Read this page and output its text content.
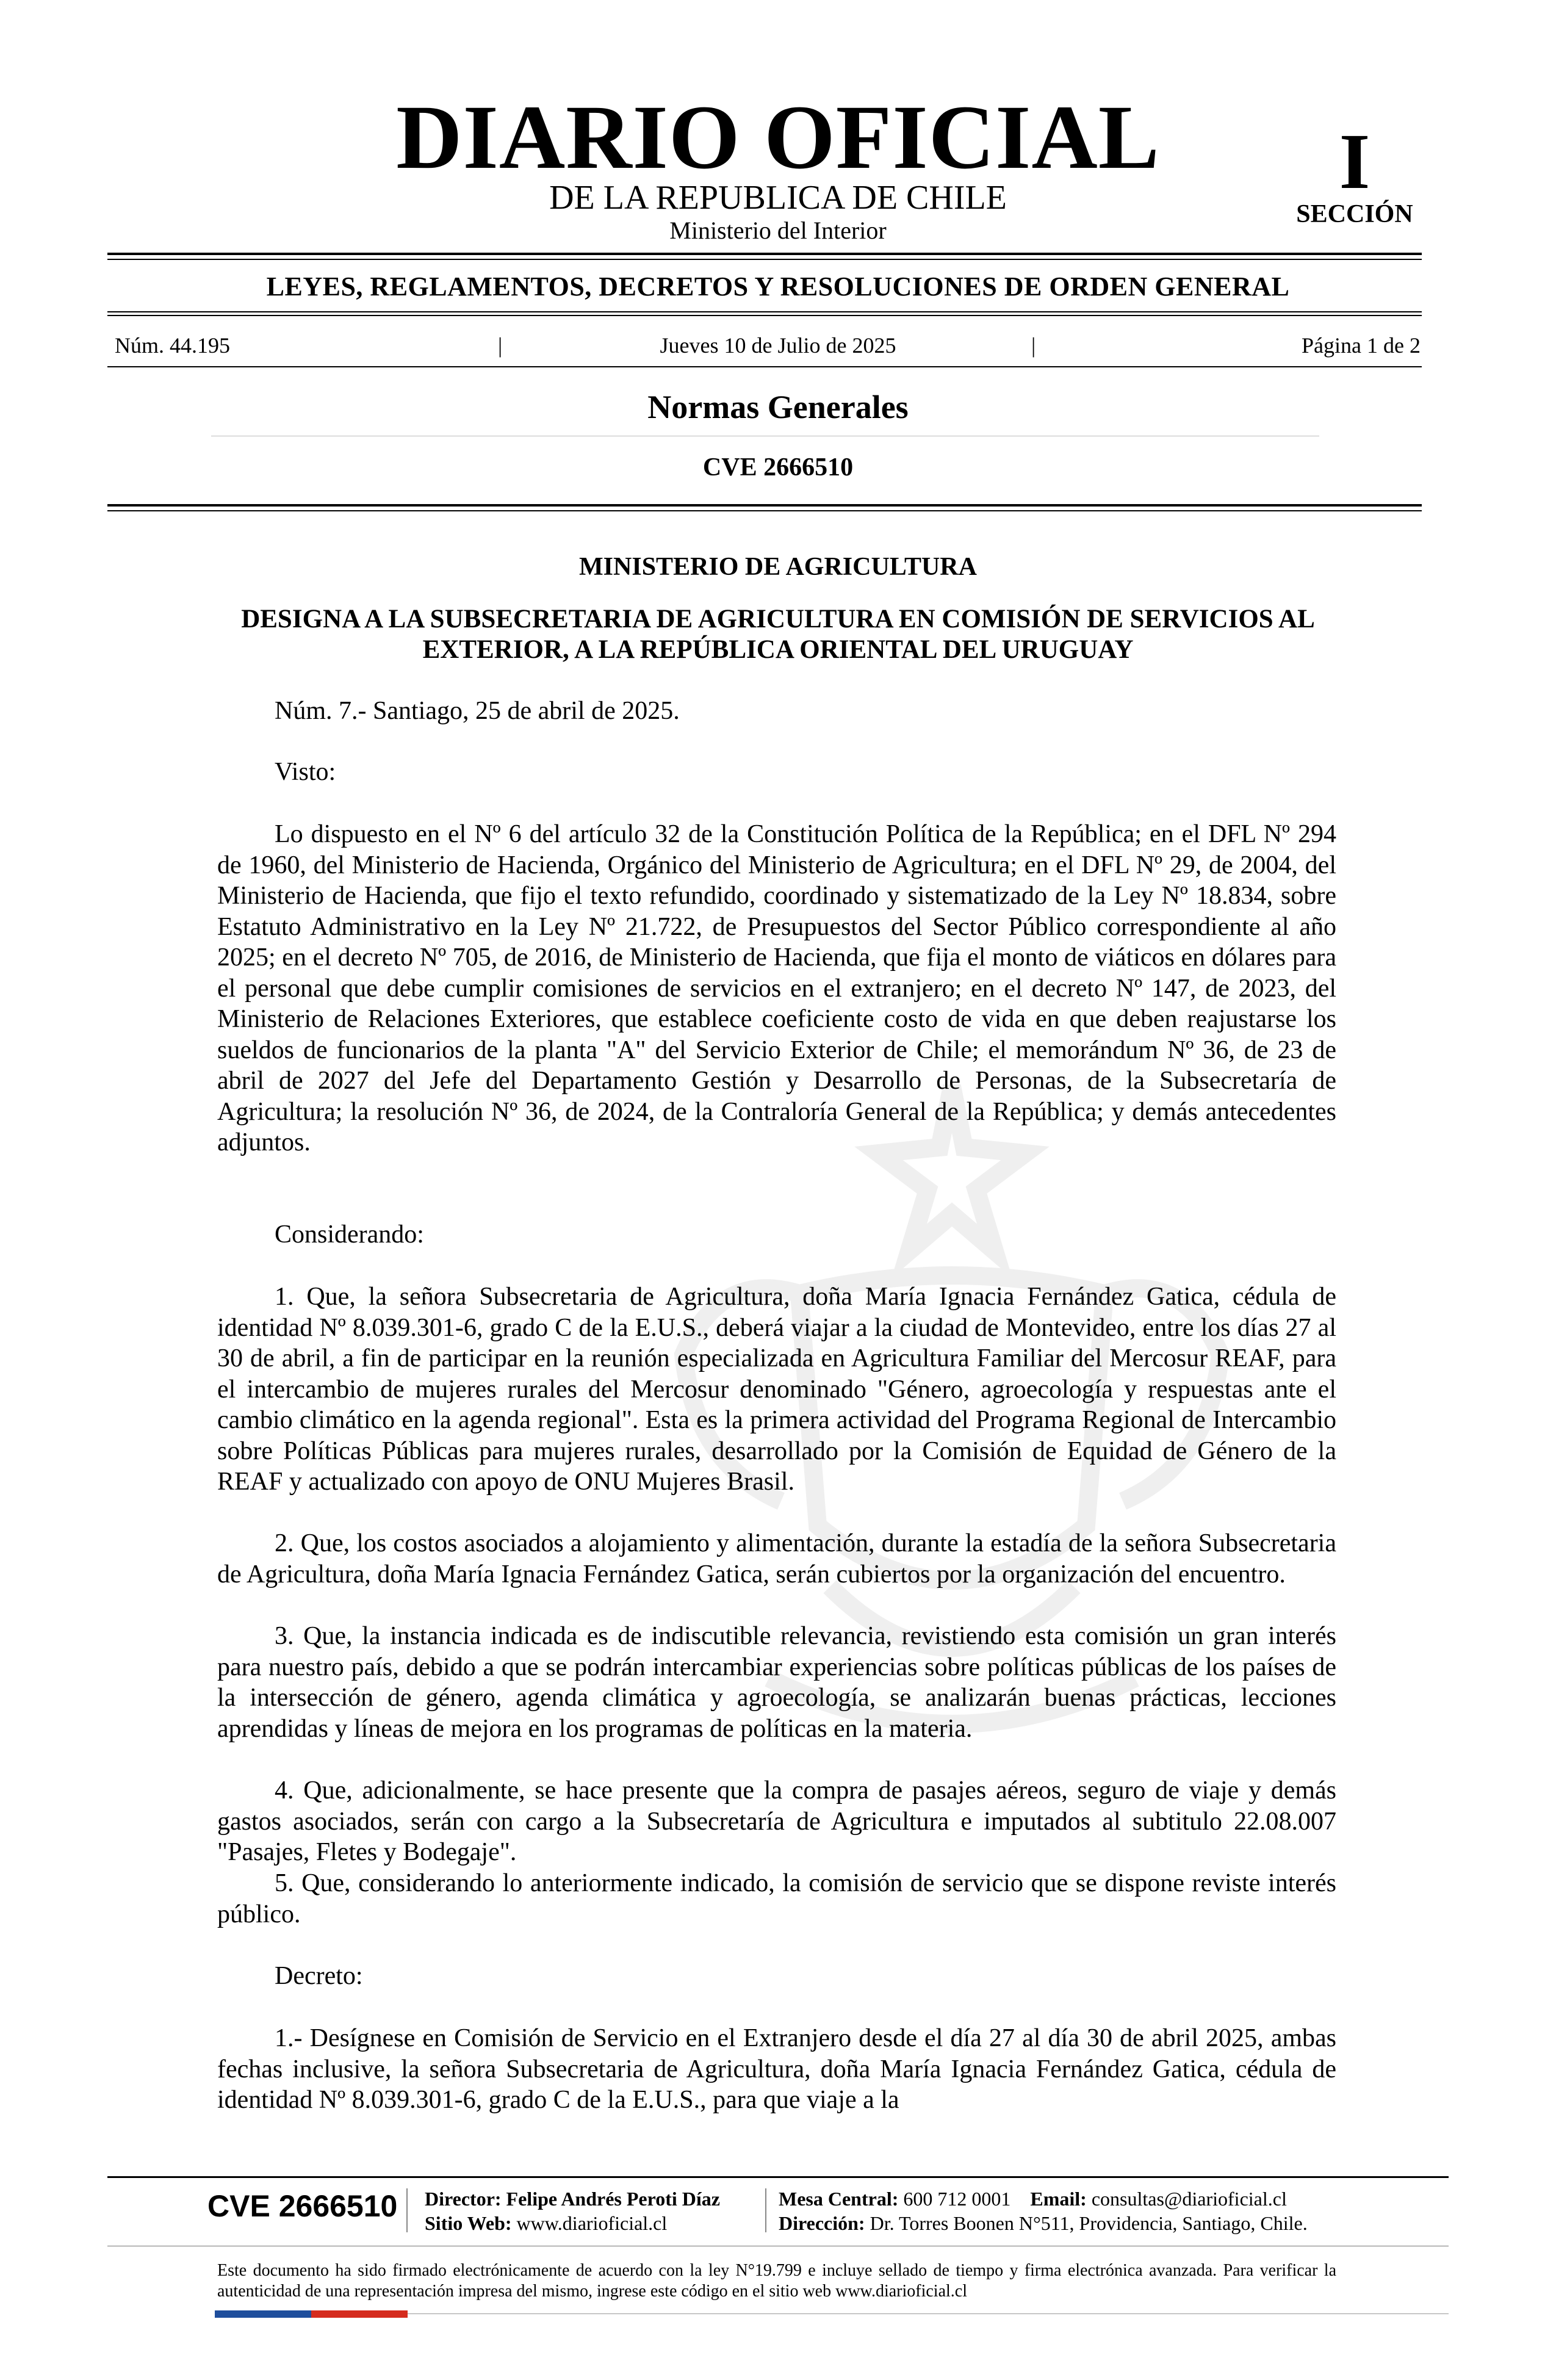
DIARIO OFICIAL
DE LA REPUBLICA DE CHILE
Ministerio del Interior
I
SECCIÓN
LEYES, REGLAMENTOS, DECRETOS Y RESOLUCIONES DE ORDEN GENERAL
Núm. 44.195	|	Jueves 10 de Julio de 2025	|	Página 1 de 2
Normas Generales
CVE 2666510
MINISTERIO DE AGRICULTURA
DESIGNA A LA SUBSECRETARIA DE AGRICULTURA EN COMISIÓN DE SERVICIOS AL EXTERIOR, A LA REPÚBLICA ORIENTAL DEL URUGUAY
Núm. 7.- Santiago, 25 de abril de 2025.
Visto:
Lo dispuesto en el Nº 6 del artículo 32 de la Constitución Política de la República; en el DFL Nº 294 de 1960, del Ministerio de Hacienda, Orgánico del Ministerio de Agricultura; en el DFL Nº 29, de 2004, del Ministerio de Hacienda, que fijo el texto refundido, coordinado y sistematizado de la Ley Nº 18.834, sobre Estatuto Administrativo en la Ley Nº 21.722, de Presupuestos del Sector Público correspondiente al año 2025; en el decreto Nº 705, de 2016, de Ministerio de Hacienda, que fija el monto de viáticos en dólares para el personal que debe cumplir comisiones de servicios en el extranjero; en el decreto Nº 147, de 2023, del Ministerio de Relaciones Exteriores, que establece coeficiente costo de vida en que deben reajustarse los sueldos de funcionarios de la planta "A" del Servicio Exterior de Chile; el memorándum Nº 36, de 23 de abril de 2027 del Jefe del Departamento Gestión y Desarrollo de Personas, de la Subsecretaría de Agricultura; la resolución Nº 36, de 2024, de la Contraloría General de la República; y demás antecedentes adjuntos.
Considerando:
1. Que, la señora Subsecretaria de Agricultura, doña María Ignacia Fernández Gatica, cédula de identidad Nº 8.039.301-6, grado C de la E.U.S., deberá viajar a la ciudad de Montevideo, entre los días 27 al 30 de abril, a fin de participar en la reunión especializada en Agricultura Familiar del Mercosur REAF, para el intercambio de mujeres rurales del Mercosur denominado "Género, agroecología y respuestas ante el cambio climático en la agenda regional". Esta es la primera actividad del Programa Regional de Intercambio sobre Políticas Públicas para mujeres rurales, desarrollado por la Comisión de Equidad de Género de la REAF y actualizado con apoyo de ONU Mujeres Brasil.
2. Que, los costos asociados a alojamiento y alimentación, durante la estadía de la señora Subsecretaria de Agricultura, doña María Ignacia Fernández Gatica, serán cubiertos por la organización del encuentro.
3. Que, la instancia indicada es de indiscutible relevancia, revistiendo esta comisión un gran interés para nuestro país, debido a que se podrán intercambiar experiencias sobre políticas públicas de los países de la intersección de género, agenda climática y agroecología, se analizarán buenas prácticas, lecciones aprendidas y líneas de mejora en los programas de políticas en la materia.
4. Que, adicionalmente, se hace presente que la compra de pasajes aéreos, seguro de viaje y demás gastos asociados, serán con cargo a la Subsecretaría de Agricultura e imputados al subtitulo 22.08.007 "Pasajes, Fletes y Bodegaje".
5. Que, considerando lo anteriormente indicado, la comisión de servicio que se dispone reviste interés público.
Decreto:
1.- Desígnese en Comisión de Servicio en el Extranjero desde el día 27 al día 30 de abril 2025, ambas fechas inclusive, la señora Subsecretaria de Agricultura, doña María Ignacia Fernández Gatica, cédula de identidad Nº 8.039.301-6, grado C de la E.U.S., para que viaje a la
CVE 2666510 Director: Felipe Andrés Peroti Díaz
Sitio Web: www.diarioficial.cl
Mesa Central: 600 712 0001 Email: consultas@diarioficial.cl
Dirección: Dr. Torres Boonen N°511, Providencia, Santiago, Chile.
Este documento ha sido firmado electrónicamente de acuerdo con la ley N°19.799 e incluye sellado de tiempo y firma electrónica avanzada. Para verificar la autenticidad de una representación impresa del mismo, ingrese este código en el sitio web www.diarioficial.cl
